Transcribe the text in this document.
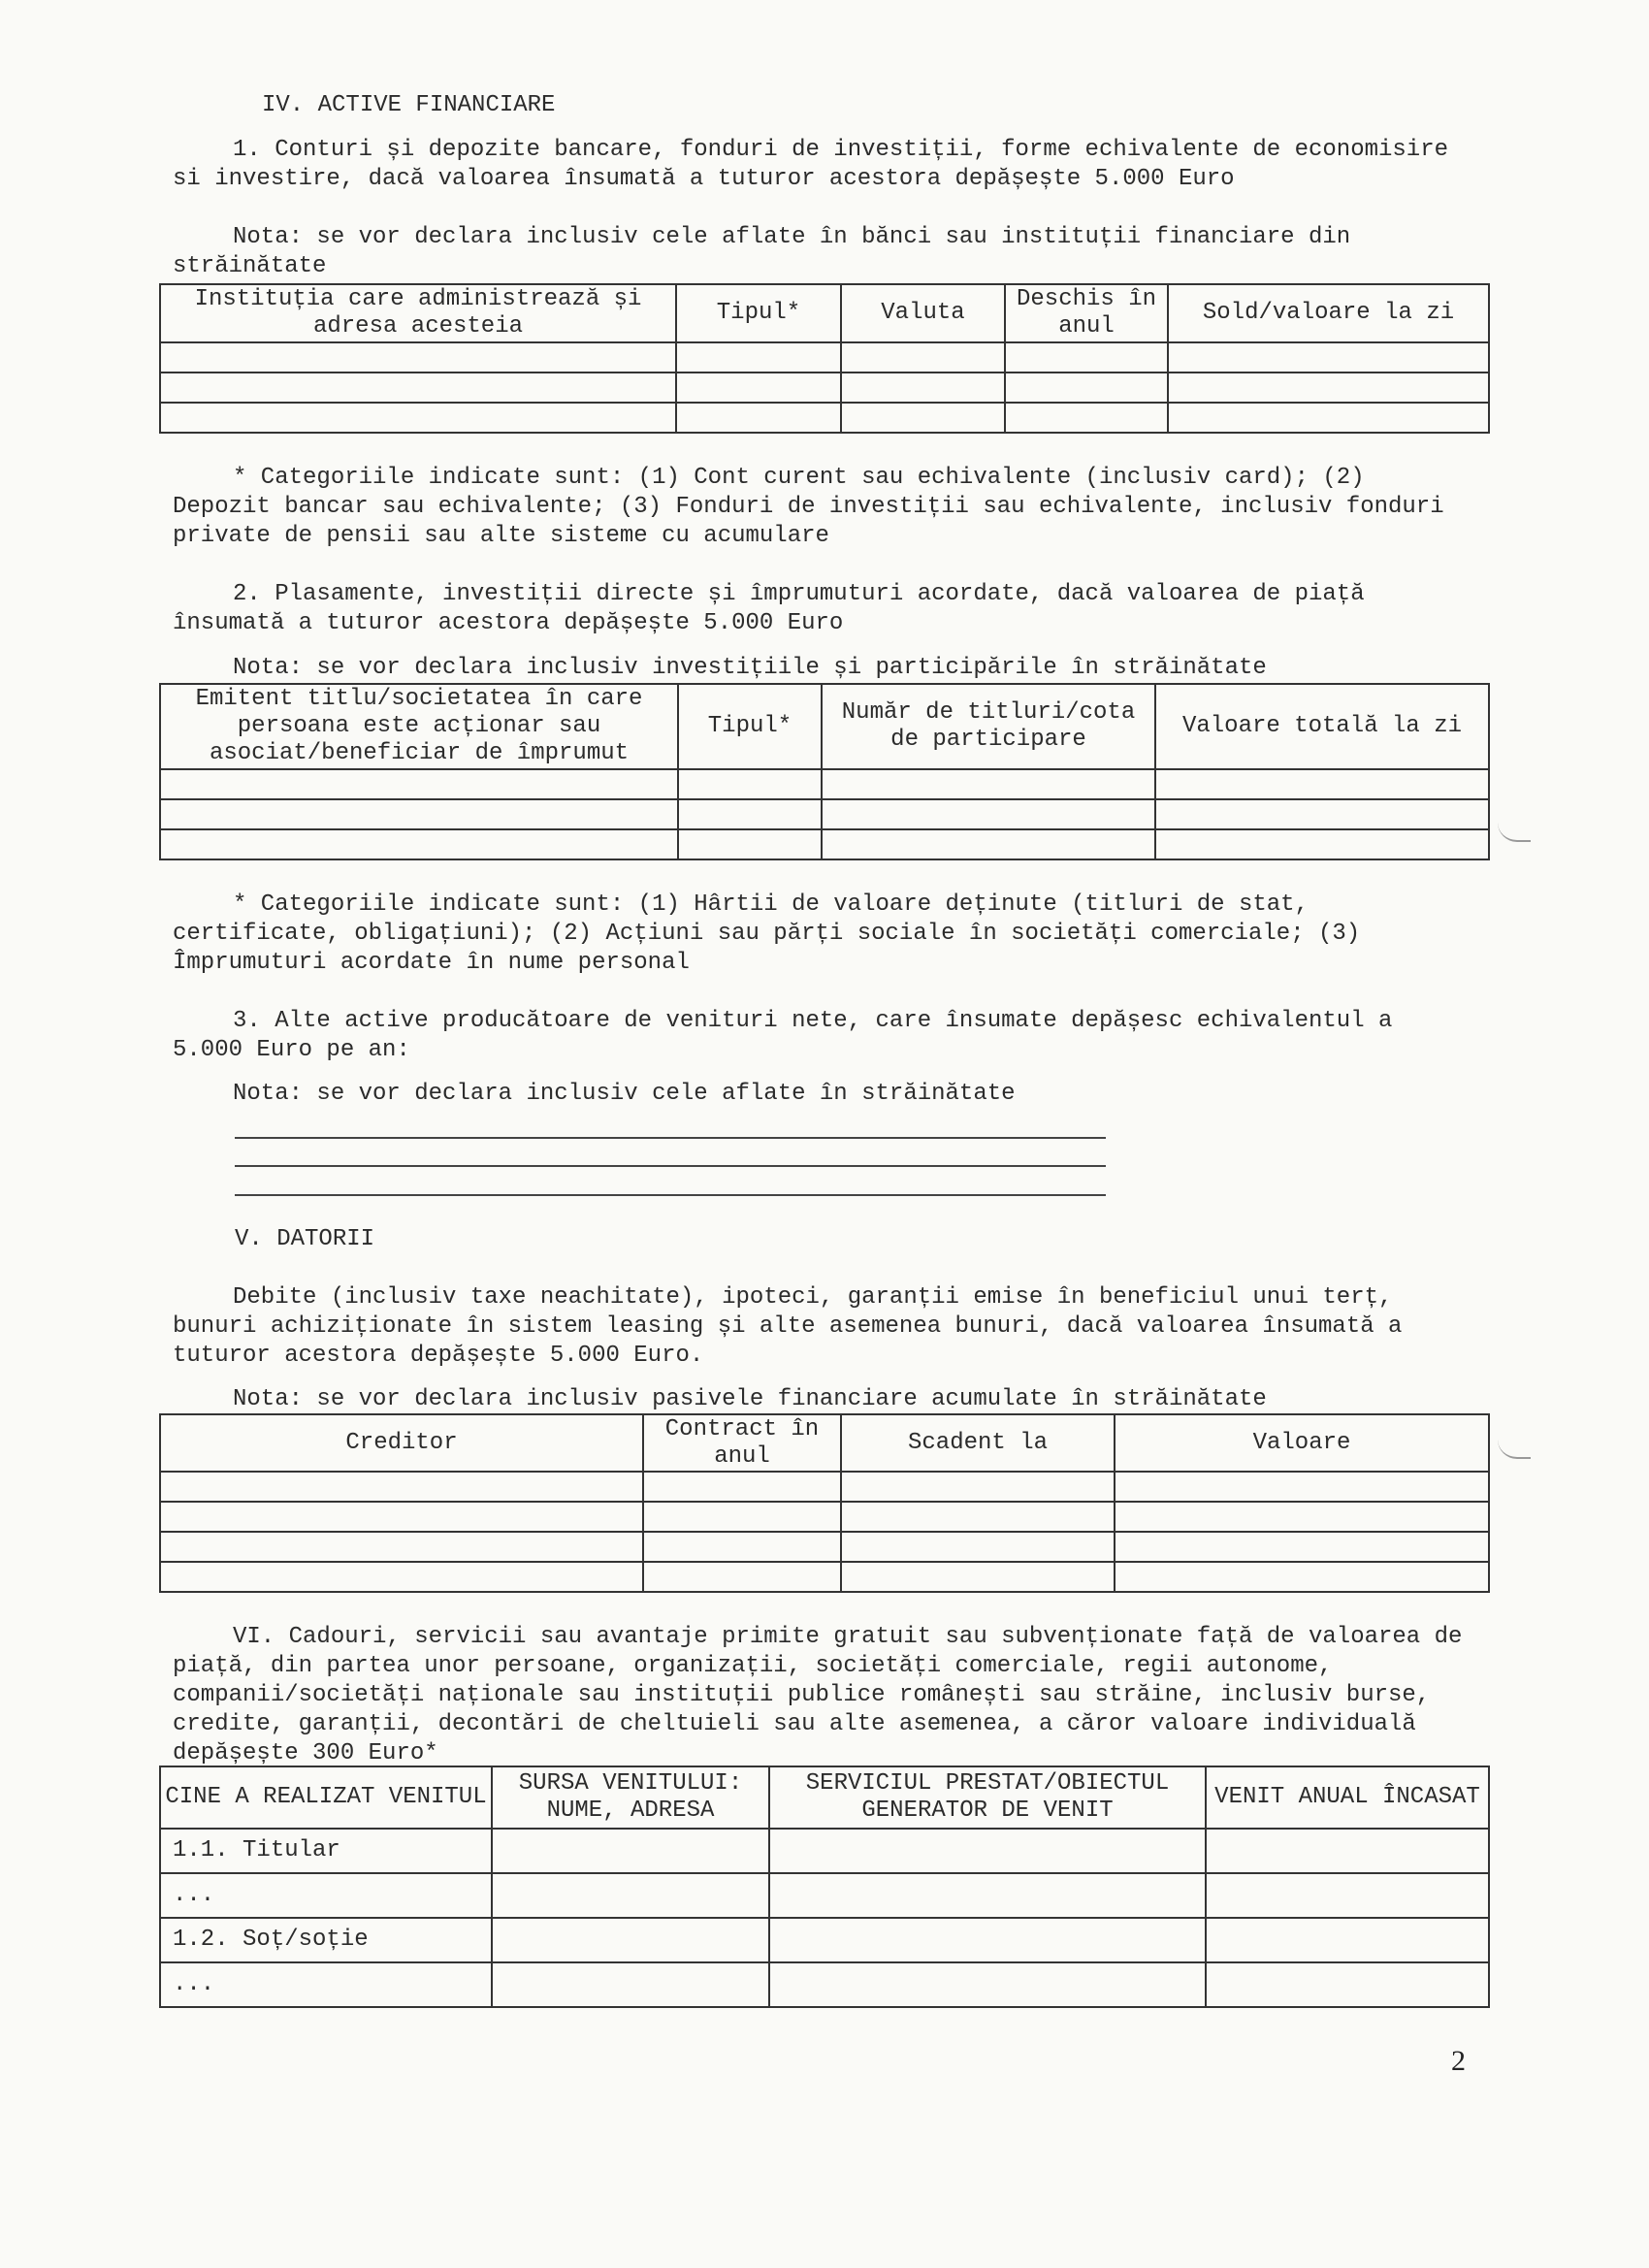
IV. ACTIVE FINANCIARE

1. Conturi și depozite bancare, fonduri de investiții, forme echivalente de economisire si investire, dacă valoarea însumată a tuturor acestora depășește 5.000 Euro

Nota: se vor declara inclusiv cele aflate în bănci sau instituții financiare din străinătate

Instituția care administrează și adresa acesteia	Tipul*	Valuta	Deschis în anul	Sold/valoare la zi

* Categoriile indicate sunt: (1) Cont curent sau echivalente (inclusiv card); (2) Depozit bancar sau echivalente; (3) Fonduri de investiții sau echivalente, inclusiv fonduri private de pensii sau alte sisteme cu acumulare

2. Plasamente, investiții directe și împrumuturi acordate, dacă valoarea de piață însumată a tuturor acestora depășește 5.000 Euro

Nota: se vor declara inclusiv investițiile și participările în străinătate

Emitent titlu/societatea în care persoana este acționar sau asociat/beneficiar de împrumut	Tipul*	Număr de titluri/cota de participare	Valoare totală la zi

* Categoriile indicate sunt: (1) Hârtii de valoare deținute (titluri de stat, certificate, obligațiuni); (2) Acțiuni sau părți sociale în societăți comerciale; (3) Împrumuturi acordate în nume personal

3. Alte active producătoare de venituri nete, care însumate depășesc echivalentul a 5.000 Euro pe an:

Nota: se vor declara inclusiv cele aflate în străinătate

V. DATORII

Debite (inclusiv taxe neachitate), ipoteci, garanții emise în beneficiul unui terț, bunuri achiziționate în sistem leasing și alte asemenea bunuri, dacă valoarea însumată a tuturor acestora depășește 5.000 Euro.

Nota: se vor declara inclusiv pasivele financiare acumulate în străinătate

Creditor	Contract în anul	Scadent la	Valoare

VI. Cadouri, servicii sau avantaje primite gratuit sau subvenționate față de valoarea de piață, din partea unor persoane, organizații, societăți comerciale, regii autonome, companii/societăți naționale sau instituții publice românești sau străine, inclusiv burse, credite, garanții, decontări de cheltuieli sau alte asemenea, a căror valoare individuală depășește 300 Euro*

CINE A REALIZAT VENITUL	SURSA VENITULUI: NUME, ADRESA	SERVICIUL PRESTAT/OBIECTUL GENERATOR DE VENIT	VENIT ANUAL ÎNCASAT
1.1. Titular			
...			
1.2. Soț/soție			
...			
2
